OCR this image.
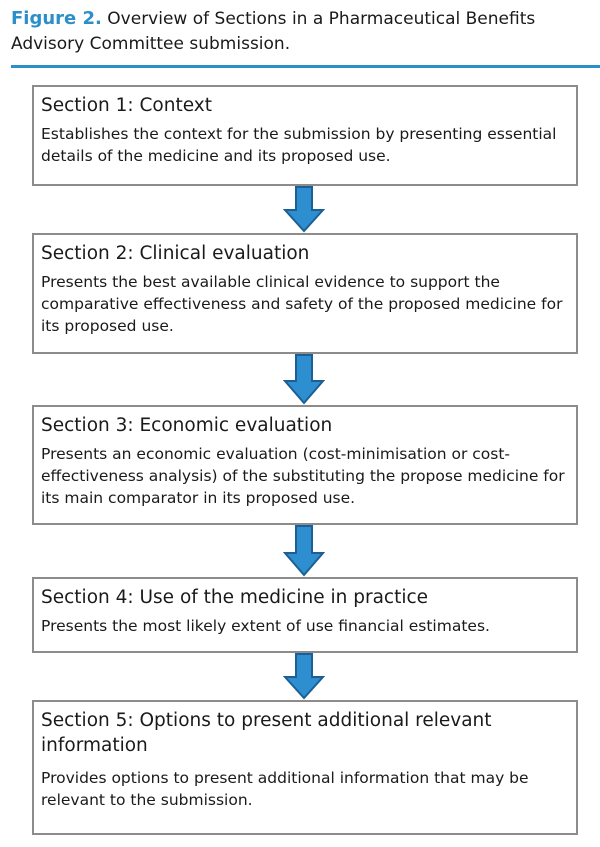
Figure 2. Overview of Sections in a Pharmaceutical Benefits Advisory Committee submission.
Section 1: Context
Establishes the context for the submission by presenting essential details of the medicine and its proposed use.
Section 2: Clinical evaluation
Presents the best available clinical evidence to support the comparative effectiveness and safety of the proposed medicine for its proposed use.
Section 3: Economic evaluation
Presents an economic evaluation (cost-minimisation or cost-effectiveness analysis) of the substituting the propose medicine for its main comparator in its proposed use.
Section 4: Use of the medicine in practice
Presents the most likely extent of use financial estimates.
Section 5: Options to present additional relevant information
Provides options to present additional information that may be relevant to the submission.
